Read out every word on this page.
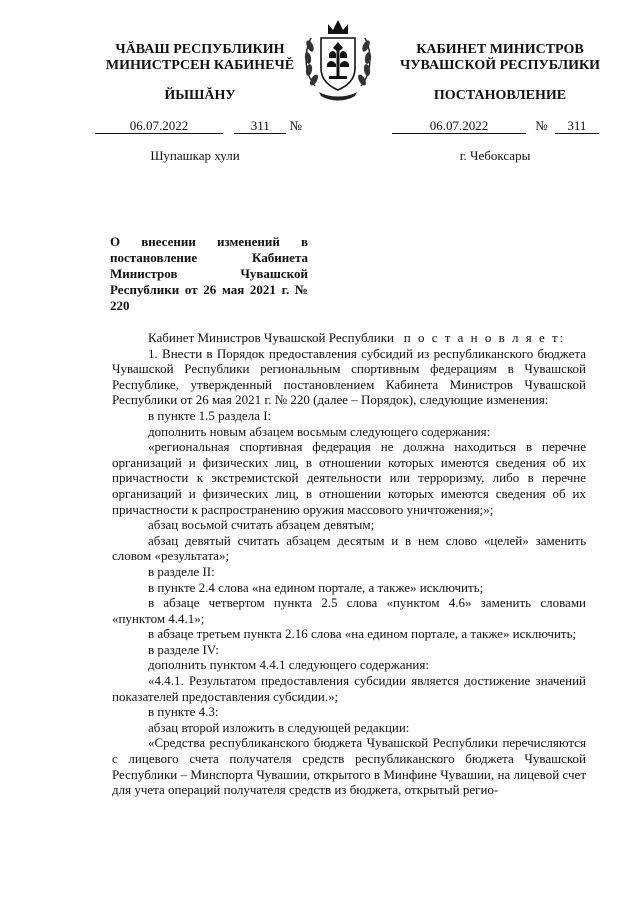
ЧĂВАШ РЕСПУБЛИКИН
МИНИСТРСЕН КАБИНЕЧĚ
ЙЫШĂНУ
КАБИНЕТ МИНИСТРОВ
ЧУВАШСКОЙ РЕСПУБЛИКИ
ПОСТАНОВЛЕНИЕ
06.07.2022	311 №	06.07.2022	№ 311
Шупашкар хули	г. Чебоксары
О внесении изменений в постановление Кабинета Министров Чувашской Республики от 26 мая 2021 г. № 220

Кабинет Министров Чувашской Республики п о с т а н о в л я е т:

1. Внести в Порядок предоставления субсидий из республиканского бюджета Чувашской Республики региональным спортивным федерациям в Чувашской Республике, утвержденный постановлением Кабинета Министров Чувашской Республики от 26 мая 2021 г. № 220 (далее – Порядок), следующие изменения:

в пункте 1.5 раздела I:

дополнить новым абзацем восьмым следующего содержания:

«региональная спортивная федерация не должна находиться в перечне организаций и физических лиц, в отношении которых имеются сведения об их причастности к экстремистской деятельности или терроризму, либо в перечне организаций и физических лиц, в отношении которых имеются сведения об их причастности к распространению оружия массового уничтожения;»;

абзац восьмой считать абзацем девятым;

абзац девятый считать абзацем десятым и в нем слово «целей» заменить словом «результата»;

в разделе II:

в пункте 2.4 слова «на едином портале, а также» исключить;

в абзаце четвертом пункта 2.5 слова «пунктом 4.6» заменить словами «пунктом 4.4.1»;

в абзаце третьем пункта 2.16 слова «на едином портале, а также» исключить;

в разделе IV:

дополнить пунктом 4.4.1 следующего содержания:

«4.4.1. Результатом предоставления субсидии является достижение значений показателей предоставления субсидии.»;

в пункте 4.3:

абзац второй изложить в следующей редакции:

«Средства республиканского бюджета Чувашской Республики перечисляются с лицевого счета получателя средств республиканского бюджета Чувашской Республики – Минспорта Чувашии, открытого в Минфине Чувашии, на лицевой счет для учета операций получателя средств из бюджета, открытый регио-
